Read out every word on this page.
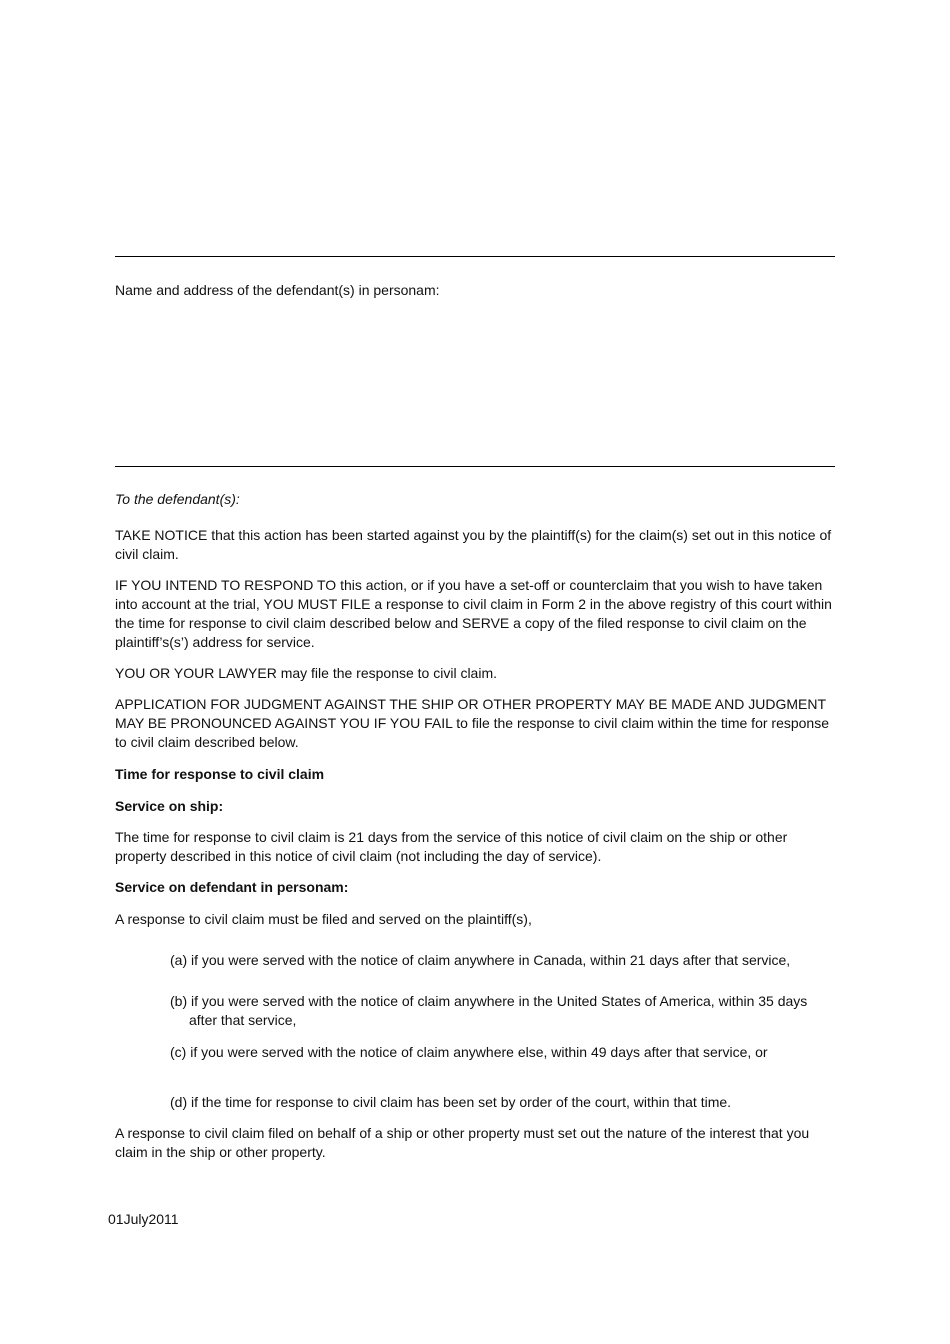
Name and address of the defendant(s) in personam:
To the defendant(s):
TAKE NOTICE that this action has been started against you by the plaintiff(s) for the claim(s) set out in this notice of civil claim.
IF YOU INTEND TO RESPOND TO this action, or if you have a set-off or counterclaim that you wish to have taken into account at the trial, YOU MUST FILE a response to civil claim in Form 2 in the above registry of this court within the time for response to civil claim described below and SERVE a copy of the filed response to civil claim on the plaintiff’s(s’) address for service.
YOU OR YOUR LAWYER may file the response to civil claim.
APPLICATION FOR JUDGMENT AGAINST THE SHIP OR OTHER PROPERTY MAY BE MADE AND JUDGMENT MAY BE PRONOUNCED AGAINST YOU IF YOU FAIL to file the response to civil claim within the time for response to civil claim described below.
Time for response to civil claim
Service on ship:
The time for response to civil claim is 21 days from the service of this notice of civil claim on the ship or other property described in this notice of civil claim (not including the day of service).
Service on defendant in personam:
A response to civil claim must be filed and served on the plaintiff(s),
(a) if you were served with the notice of claim anywhere in Canada, within 21 days after that service,
(b) if you were served with the notice of claim anywhere in the United States of America, within 35 days after that service,
(c) if you were served with the notice of claim anywhere else, within 49 days after that service, or
(d) if the time for response to civil claim has been set by order of the court, within that time.
A response to civil claim filed on behalf of a ship or other property must set out the nature of the interest that you claim in the ship or other property.
01July2011
